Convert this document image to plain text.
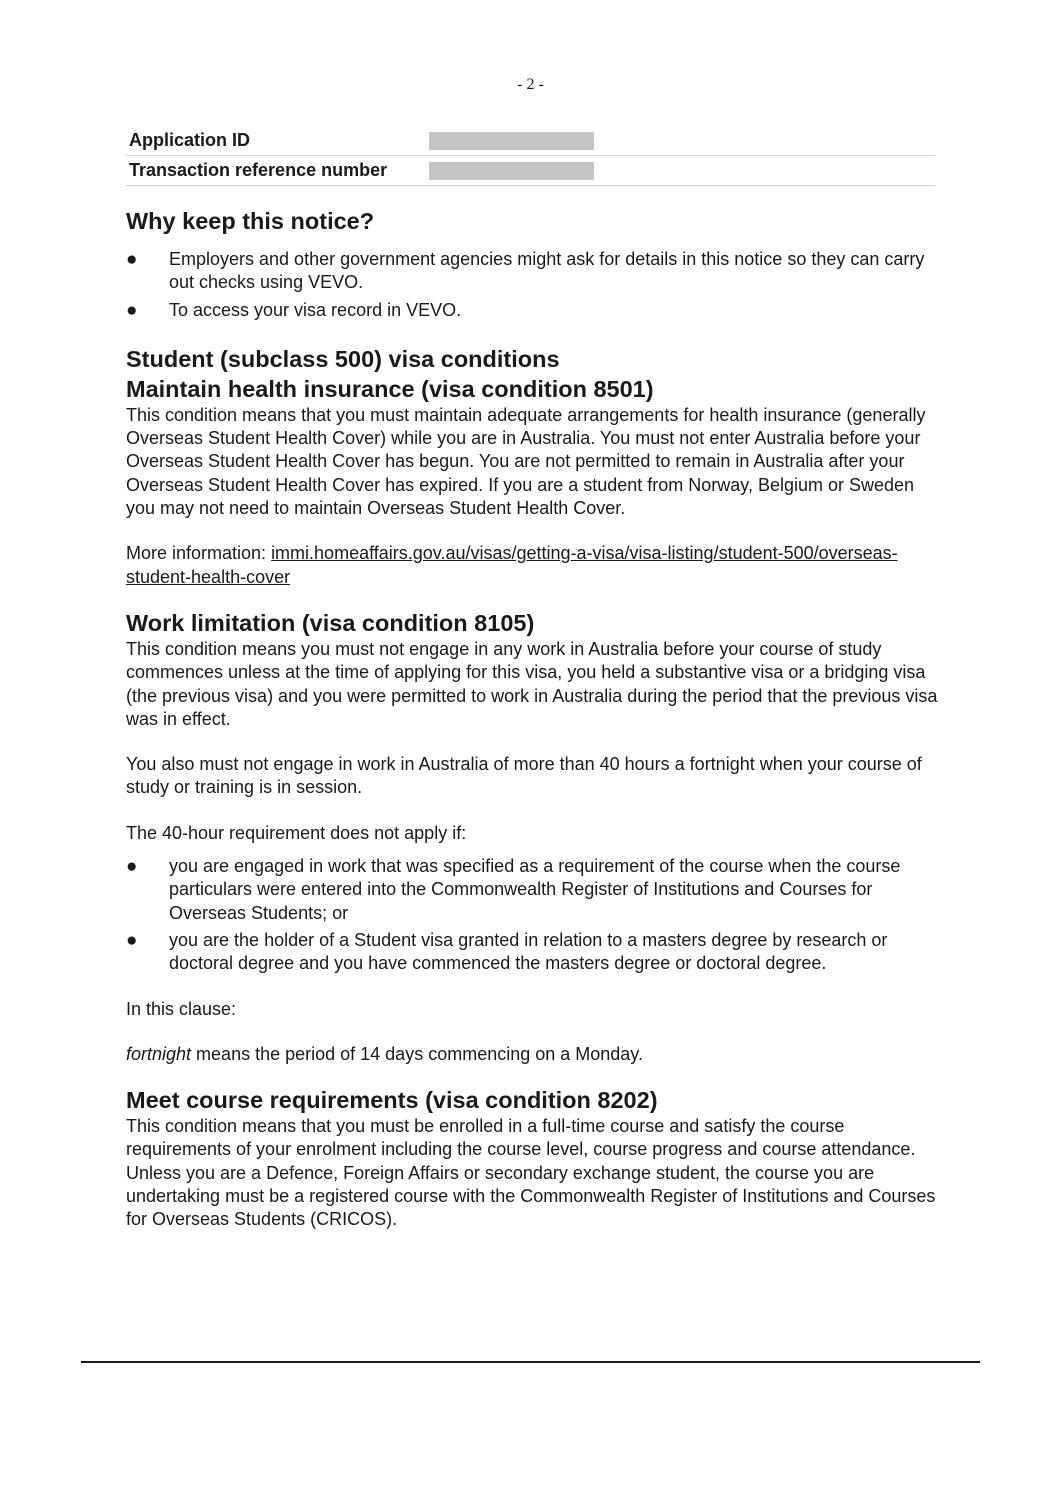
- 2 -
Application ID
Transaction reference number
Why keep this notice?
● Employers and other government agencies might ask for details in this notice so they can carry out checks using VEVO.
● To access your visa record in VEVO.
Student (subclass 500) visa conditions
Maintain health insurance (visa condition 8501)

This condition means that you must maintain adequate arrangements for health insurance (generally Overseas Student Health Cover) while you are in Australia. You must not enter Australia before your Overseas Student Health Cover has begun. You are not permitted to remain in Australia after your Overseas Student Health Cover has expired. If you are a student from Norway, Belgium or Sweden you may not need to maintain Overseas Student Health Cover.

More information: immi.homeaffairs.gov.au/visas/getting-a-visa/visa-listing/student-500/overseas-student-health-cover

Work limitation (visa condition 8105)

This condition means you must not engage in any work in Australia before your course of study commences unless at the time of applying for this visa, you held a substantive visa or a bridging visa (the previous visa) and you were permitted to work in Australia during the period that the previous visa was in effect.

You also must not engage in work in Australia of more than 40 hours a fortnight when your course of study or training is in session.

The 40-hour requirement does not apply if:

● you are engaged in work that was specified as a requirement of the course when the course particulars were entered into the Commonwealth Register of Institutions and Courses for Overseas Students; or
● you are the holder of a Student visa granted in relation to a masters degree by research or doctoral degree and you have commenced the masters degree or doctoral degree.

In this clause:

fortnight means the period of 14 days commencing on a Monday.

Meet course requirements (visa condition 8202)

This condition means that you must be enrolled in a full-time course and satisfy the course requirements of your enrolment including the course level, course progress and course attendance. Unless you are a Defence, Foreign Affairs or secondary exchange student, the course you are undertaking must be a registered course with the Commonwealth Register of Institutions and Courses for Overseas Students (CRICOS).
